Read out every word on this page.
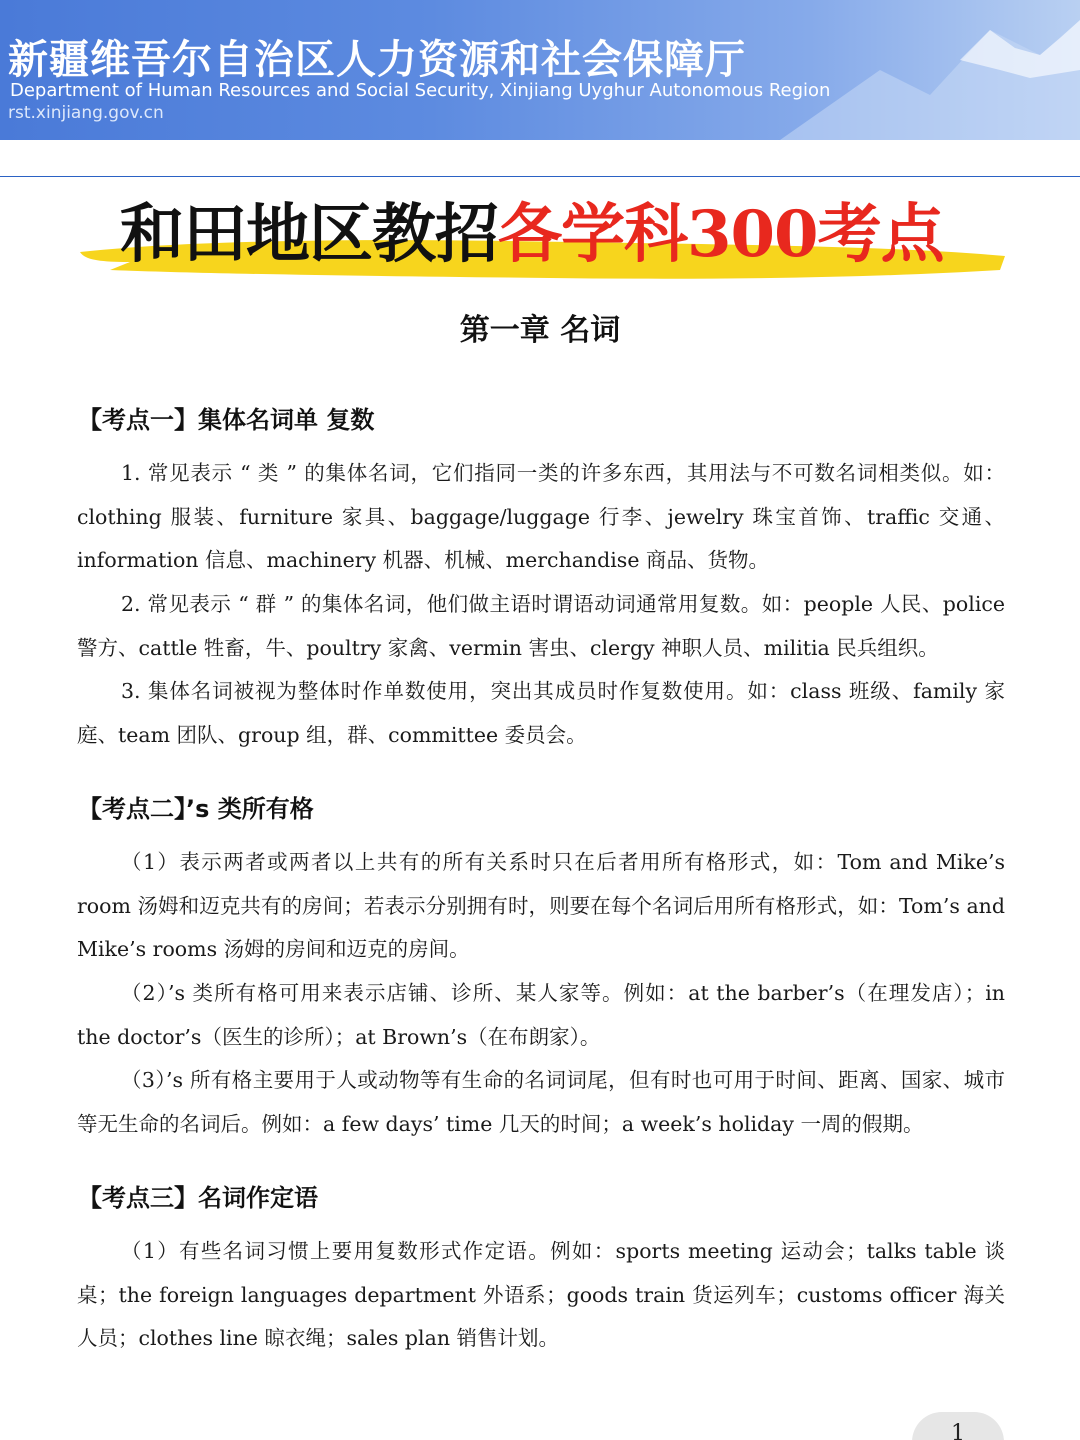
新疆维吾尔自治区人力资源和社会保障厅
Department of Human Resources and Social Security, Xinjiang Uyghur Autonomous Region
rst.xinjiang.gov.cn
和田地区教招各学科300考点
第一章 名词
【考点一】集体名词单 复数
1. 常见表示 “ 类 ” 的集体名词，它们指同一类的许多东西，其用法与不可数名词相类似。如：clothing 服装、furniture 家具、baggage/luggage 行李、jewelry 珠宝首饰、traffic 交通、information 信息、machinery 机器、机械、merchandise 商品、货物。
2. 常见表示 “ 群 ” 的集体名词，他们做主语时谓语动词通常用复数。如：people 人民、police 警方、cattle 牲畜，牛、poultry 家禽、vermin 害虫、clergy 神职人员、militia 民兵组织。
3. 集体名词被视为整体时作单数使用，突出其成员时作复数使用。如：class 班级、family 家庭、team 团队、group 组，群、committee 委员会。
【考点二】’s 类所有格
（1）表示两者或两者以上共有的所有关系时只在后者用所有格形式，如：Tom and Mike’s room 汤姆和迈克共有的房间；若表示分别拥有时，则要在每个名词后用所有格形式，如：Tom’s and Mike’s rooms 汤姆的房间和迈克的房间。
（2）’s 类所有格可用来表示店铺、诊所、某人家等。例如：at the barber’s（在理发店）；in the doctor’s（医生的诊所）；at Brown’s（在布朗家）。
（3）’s 所有格主要用于人或动物等有生命的名词词尾，但有时也可用于时间、距离、国家、城市等无生命的名词后。例如：a few days’ time 几天的时间；a week’s holiday 一周的假期。
【考点三】名词作定语
（1）有些名词习惯上要用复数形式作定语。例如：sports meeting 运动会；talks table 谈桌；the foreign languages department 外语系；goods train 货运列车；customs officer 海关人员；clothes line 晾衣绳；sales plan 销售计划。
1
